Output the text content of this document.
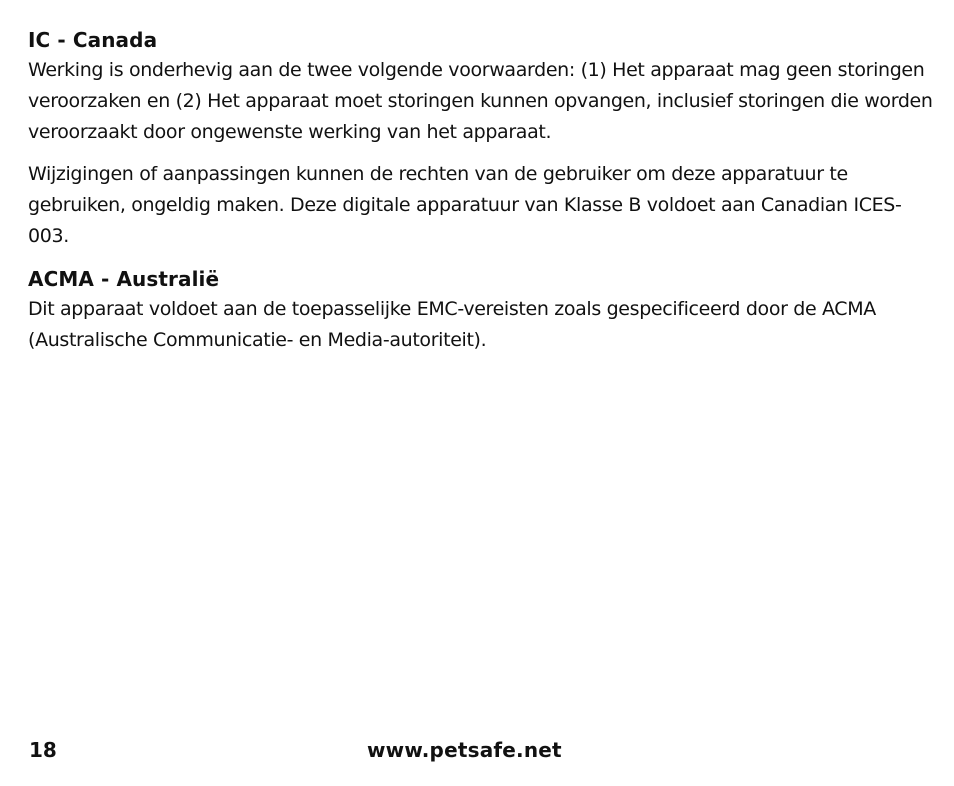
IC - Canada

Werking is onderhevig aan de twee volgende voorwaarden: (1) Het apparaat mag geen storingen veroorzaken en (2) Het apparaat moet storingen kunnen opvangen, inclusief storingen die worden veroorzaakt door ongewenste werking van het apparaat.

Wijzigingen of aanpassingen kunnen de rechten van de gebruiker om deze apparatuur te gebruiken, ongeldig maken. Deze digitale apparatuur van Klasse B voldoet aan Canadian ICES-003.

ACMA - Australië

Dit apparaat voldoet aan de toepasselijke EMC-vereisten zoals gespecificeerd door de ACMA (Australische Communicatie- en Media-autoriteit).

18	www.petsafe.net
